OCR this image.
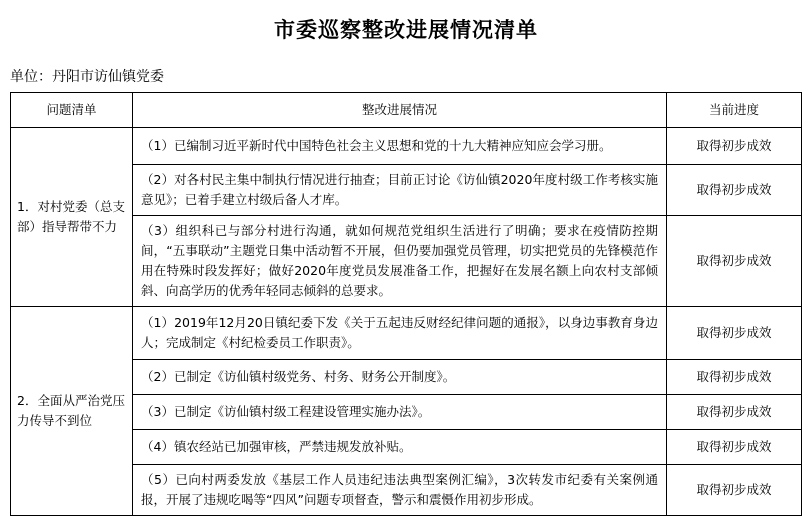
市委巡察整改进展情况清单
单位：丹阳市访仙镇党委
问题清单	整改进展情况	当前进度
1．对村党委（总支部）指导帮带不力	（1）已编制习近平新时代中国特色社会主义思想和党的十九大精神应知应会学习册。	取得初步成效
	（2）对各村民主集中制执行情况进行抽查；目前正讨论《访仙镇2020年度村级工作考核实施意见》；已着手建立村级后备人才库。	取得初步成效
	（3）组织科已与部分村进行沟通，就如何规范党组织生活进行了明确；要求在疫情防控期间，“五事联动”主题党日集中活动暂不开展，但仍要加强党员管理，切实把党员的先锋模范作用在特殊时段发挥好；做好2020年度党员发展准备工作，把握好在发展名额上向农村支部倾斜、向高学历的优秀年轻同志倾斜的总要求。	取得初步成效
2．全面从严治党压力传导不到位	（1）2019年12月20日镇纪委下发《关于五起违反财经纪律问题的通报》，以身边事教育身边人；完成制定《村纪检委员工作职责》。	取得初步成效
	（2）已制定《访仙镇村级党务、村务、财务公开制度》。	取得初步成效
	（3）已制定《访仙镇村级工程建设管理实施办法》。	取得初步成效
	（4）镇农经站已加强审核，严禁违规发放补贴。	取得初步成效
	（5）已向村两委发放《基层工作人员违纪违法典型案例汇编》，3次转发市纪委有关案例通报，开展了违规吃喝等“四风”问题专项督查，警示和震慑作用初步形成。	取得初步成效
